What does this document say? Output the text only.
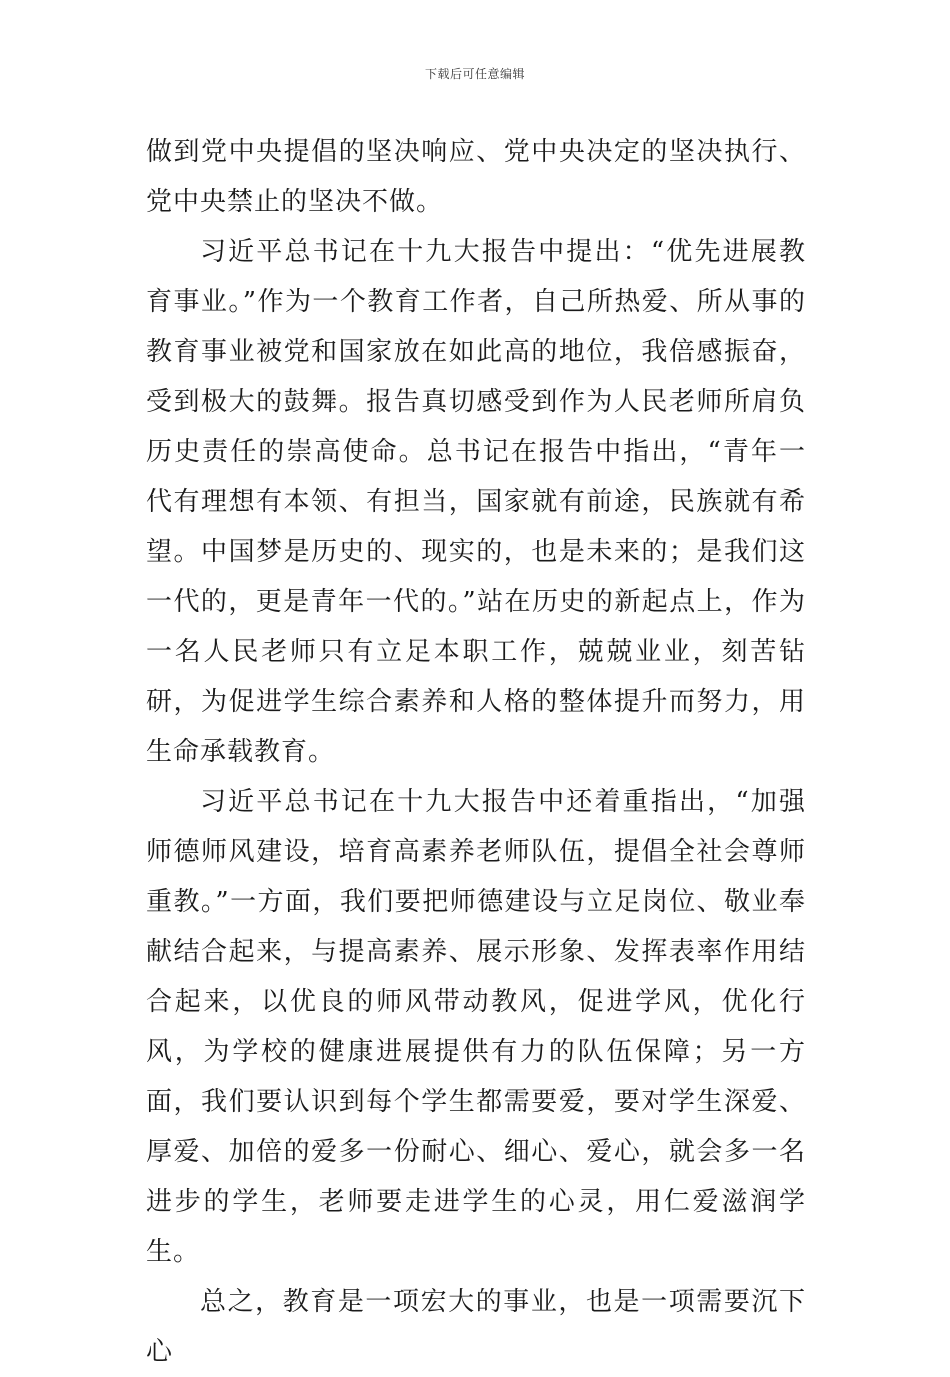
下载后可任意编辑

做到党中央提倡的坚决响应、党中央决定的坚决执行、党中央禁止的坚决不做。

习近平总书记在十九大报告中提出：“优先进展教育事业。”作为一个教育工作者，自己所热爱、所从事的教育事业被党和国家放在如此高的地位，我倍感振奋，受到极大的鼓舞。报告真切感受到作为人民老师所肩负历史责任的崇高使命。总书记在报告中指出，“青年一代有理想有本领、有担当，国家就有前途，民族就有希望。中国梦是历史的、现实的，也是未来的；是我们这一代的，更是青年一代的。”站在历史的新起点上，作为一名人民老师只有立足本职工作，兢兢业业，刻苦钻研，为促进学生综合素养和人格的整体提升而努力，用生命承载教育。

习近平总书记在十九大报告中还着重指出，“加强师德师风建设，培育高素养老师队伍，提倡全社会尊师重教。”一方面，我们要把师德建设与立足岗位、敬业奉献结合起来，与提高素养、展示形象、发挥表率作用结合起来，以优良的师风带动教风，促进学风，优化行风，为学校的健康进展提供有力的队伍保障；另一方面，我们要认识到每个学生都需要爱，要对学生深爱、厚爱、加倍的爱多一份耐心、细心、爱心，就会多一名进步的学生，老师要走进学生的心灵，用仁爱滋润学生。

总之，教育是一项宏大的事业，也是一项需要沉下心
